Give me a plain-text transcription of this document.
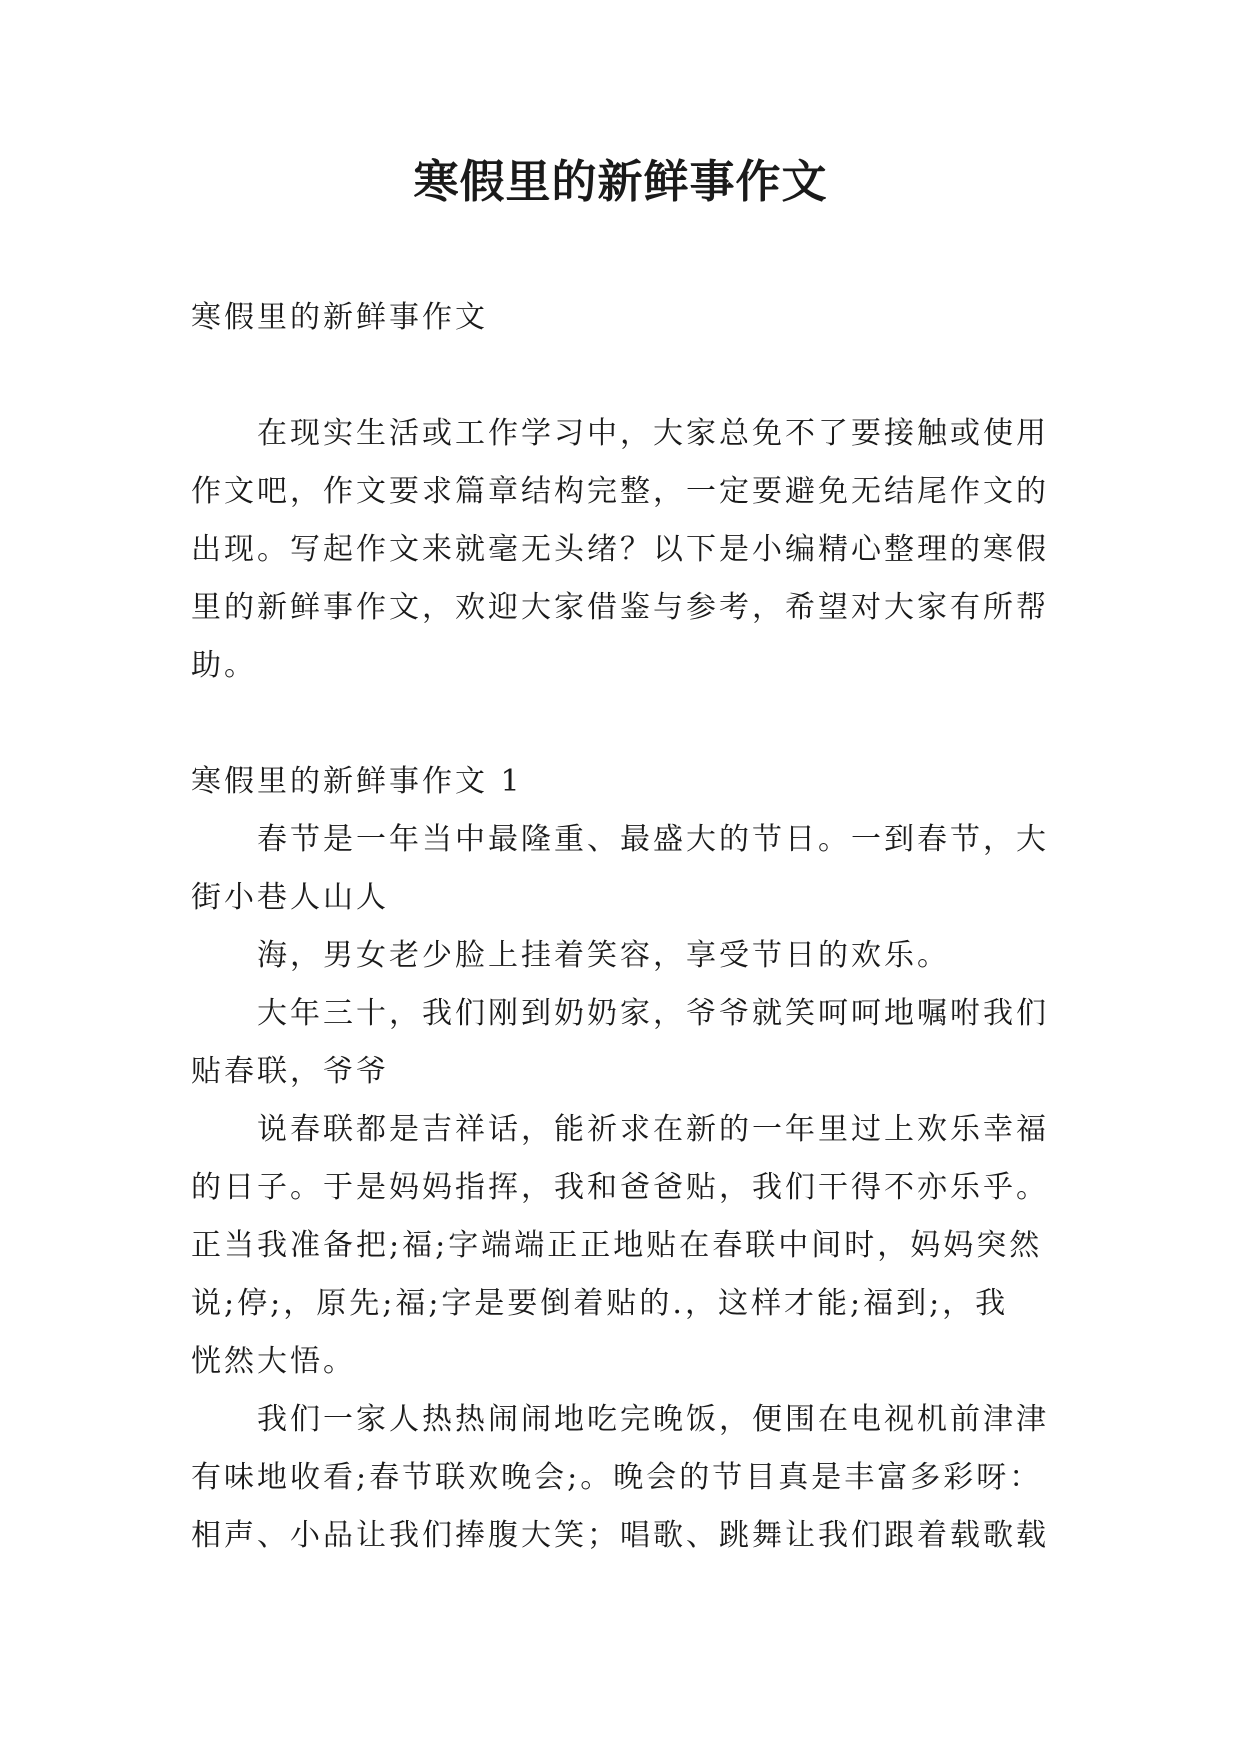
寒假里的新鲜事作文

寒假里的新鲜事作文

在现实生活或工作学习中，大家总免不了要接触或使用

作文吧，作文要求篇章结构完整，一定要避免无结尾作文的

出现。写起作文来就毫无头绪？以下是小编精心整理的寒假

里的新鲜事作文，欢迎大家借鉴与参考，希望对大家有所帮

助。

寒假里的新鲜事作文 1

春节是一年当中最隆重、最盛大的节日。一到春节，大

街小巷人山人

海，男女老少脸上挂着笑容，享受节日的欢乐。

大年三十，我们刚到奶奶家，爷爷就笑呵呵地嘱咐我们

贴春联，爷爷

说春联都是吉祥话，能祈求在新的一年里过上欢乐幸福

的日子。于是妈妈指挥，我和爸爸贴，我们干得不亦乐乎。

正当我准备把;福;字端端正正地贴在春联中间时，妈妈突然

说;停;，原先;福;字是要倒着贴的.，这样才能;福到;，我

恍然大悟。

我们一家人热热闹闹地吃完晚饭，便围在电视机前津津

有味地收看;春节联欢晚会;。晚会的节目真是丰富多彩呀：

相声、小品让我们捧腹大笑；唱歌、跳舞让我们跟着载歌载
